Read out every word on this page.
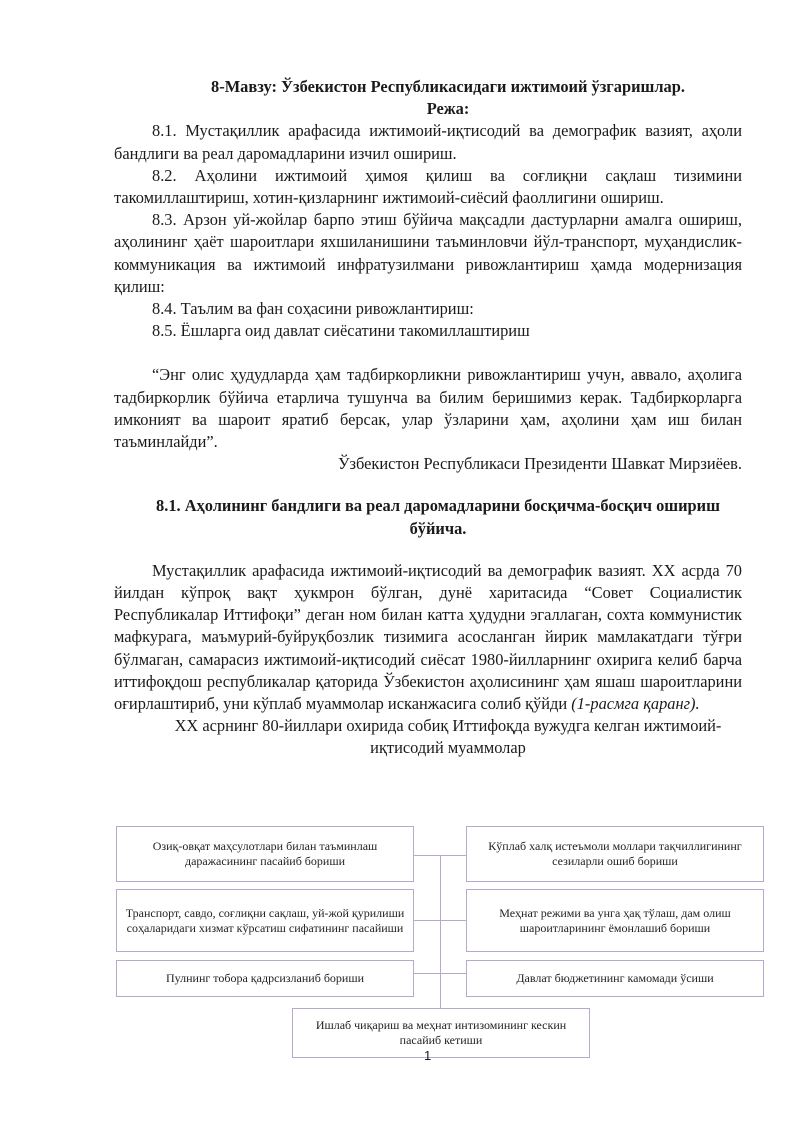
8-Мавзу: Ўзбекистон Республикасидаги ижтимоий ўзгаришлар.

Режа:

8.1. Мустақиллик арафасида ижтимоий-иқтисодий ва демографик вазият, аҳоли бандлиги ва реал даромадларини изчил ошириш.

8.2. Аҳолини ижтимоий ҳимоя қилиш ва соғлиқни сақлаш тизимини такомиллаштириш, хотин-қизларнинг ижтимоий-сиёсий фаоллигини ошириш.

8.3. Арзон уй-жойлар барпо этиш бўйича мақсадли дастурларни амалга ошириш, аҳолининг ҳаёт шароитлари яхшиланишини таъминловчи йўл-транспорт, муҳандислик-коммуникация ва ижтимоий инфратузилмани ривожлантириш ҳамда модернизация қилиш:

8.4. Таълим ва фан соҳасини ривожлантириш:

8.5. Ёшларга оид давлат сиёсатини такомиллаштириш

“Энг олис ҳудудларда ҳам тадбиркорликни ривожлантириш учун, аввало, аҳолига тадбиркорлик бўйича етарлича тушунча ва билим беришимиз керак. Тадбиркорларга имконият ва шароит яратиб берсак, улар ўзларини ҳам, аҳолини ҳам иш билан таъминлайди”.

Ўзбекистон Республикаси Президенти Шавкат Мирзиёев.

8.1. Аҳолининг бандлиги ва реал даромадларини босқичма-босқич ошириш бўйича.

Мустақиллик арафасида ижтимоий-иқтисодий ва демографик вазият. XX асрда 70 йилдан кўпроқ вақт ҳукмрон бўлган, дунё харитасида “Совет Социалистик Республикалар Иттифоқи” деган ном билан катта ҳудудни эгаллаган, сохта коммунистик мафкурага, маъмурий-буйруқбозлик тизимига асосланган йирик мамлакатдаги тўғри бўлмаган, самарасиз ижтимоий-иқтисодий сиёсат 1980-йилларнинг охирига келиб барча иттифоқдош республикалар қаторида Ўзбекистон аҳолисининг ҳам яшаш шароитларини оғирлаштириб, уни кўплаб муаммолар исканжасига солиб қўйди (1-расмга қаранг).

XX асрнинг 80-йиллари охирида собиқ Иттифоқда вужудга келган ижтимоий-иқтисодий муаммолар

Озиқ-овқат маҳсулотлари билан таъминлаш даражасининг пасайиб бориши
Кўплаб халқ истеъмоли моллари тақчиллигининг сезиларли ошиб бориши
Транспорт, савдо, соғлиқни сақлаш, уй-жой қурилиши соҳаларидаги хизмат кўрсатиш сифатининг пасайиши
Меҳнат режими ва унга ҳақ тўлаш, дам олиш шароитларининг ёмонлашиб бориши
Пулнинг тобора қадрсизланиб бориши	Давлат бюджетининг камомади ўсиши
Ишлаб чиқариш ва меҳнат интизомининг кескин пасайиб кетиши
1
